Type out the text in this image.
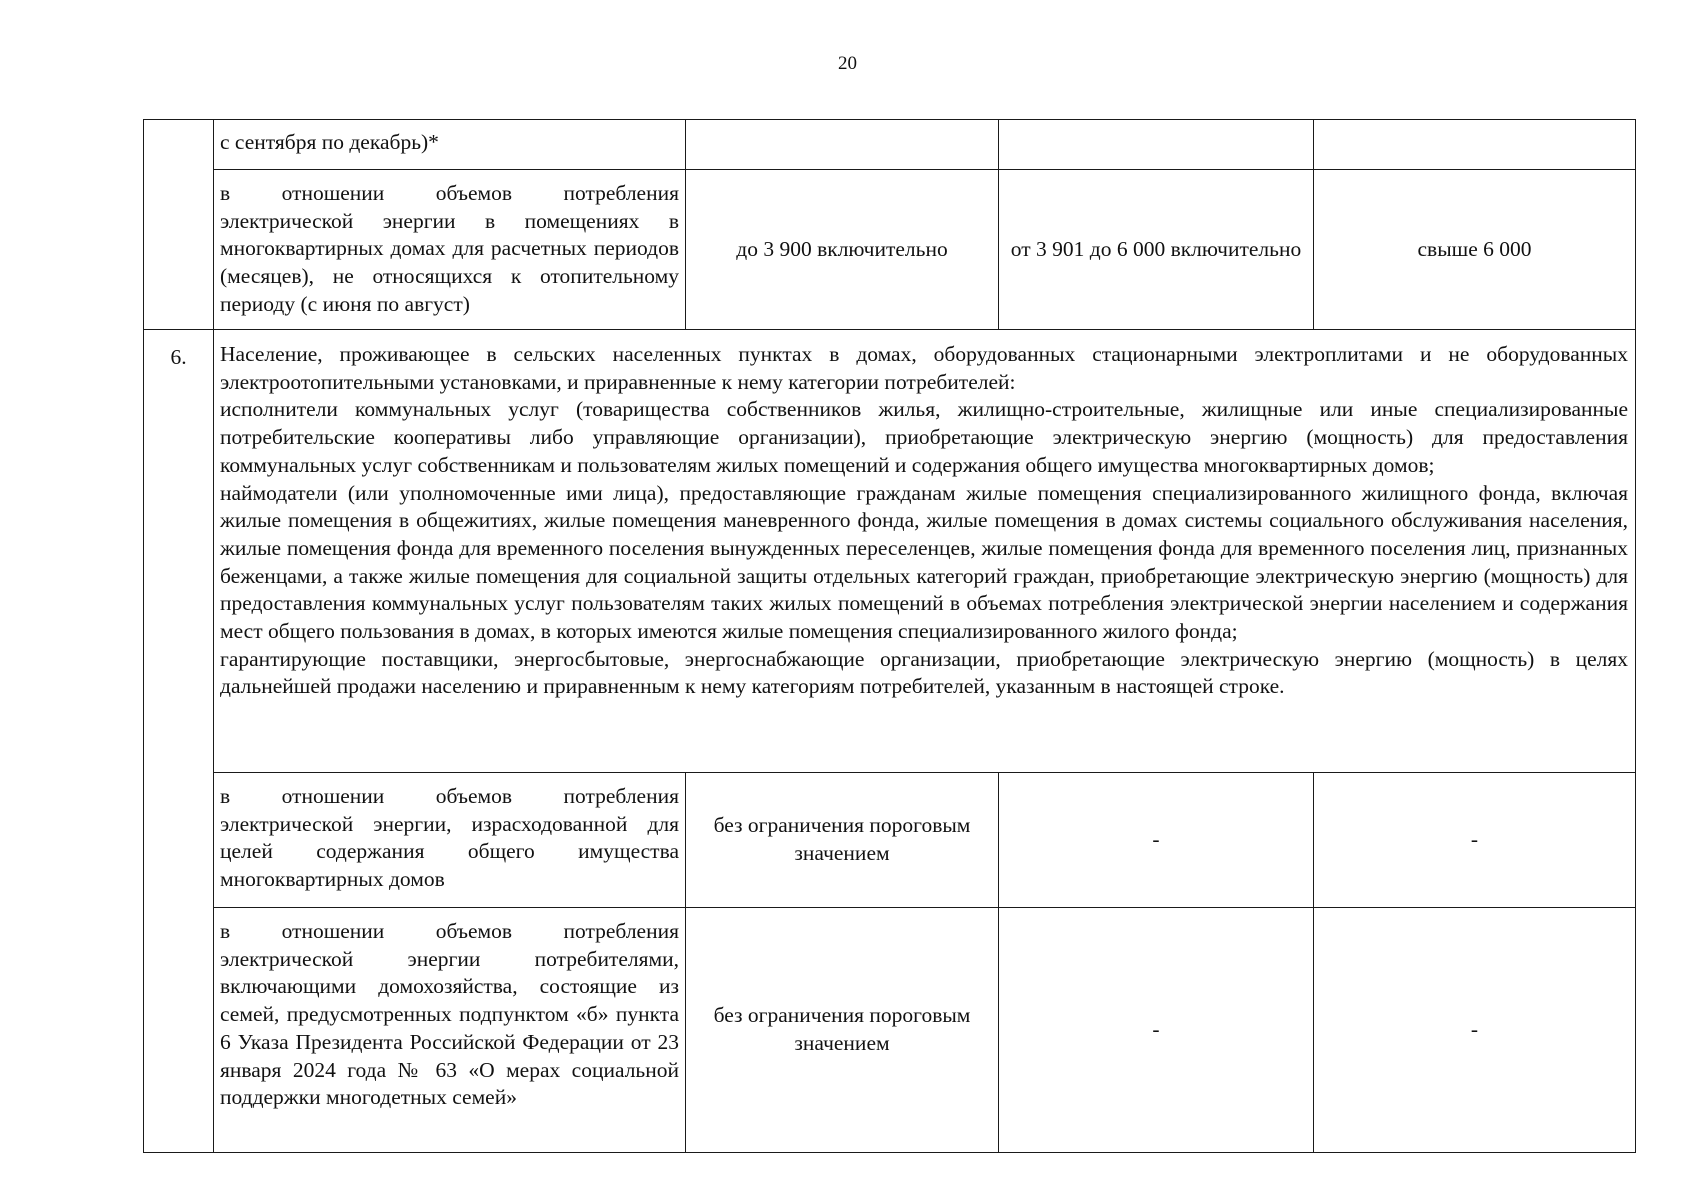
20
	с сентября по декабрь)*			
	в отношении объемов потребления электрической энергии в помещениях в многоквартирных домах для расчетных периодов (месяцев), не относящихся к отопительному периоду (с июня по август)	до 3 900 включительно	от 3 901 до 6 000 включительно	свыше 6 000
6.	Население, проживающее в сельских населенных пунктах в домах, оборудованных стационарными электроплитами и не оборудованных электроотопительными установками, и приравненные к нему категории потребителей:

исполнители коммунальных услуг (товарищества собственников жилья, жилищно-строительные, жилищные или иные специализированные потребительские кооперативы либо управляющие организации), приобретающие электрическую энергию (мощность) для предоставления коммунальных услуг собственникам и пользователям жилых помещений и содержания общего имущества многоквартирных домов;

наймодатели (или уполномоченные ими лица), предоставляющие гражданам жилые помещения специализированного жилищного фонда, включая жилые помещения в общежитиях, жилые помещения маневренного фонда, жилые помещения в домах системы социального обслуживания населения, жилые помещения фонда для временного поселения вынужденных переселенцев, жилые помещения фонда для временного поселения лиц, признанных беженцами, а также жилые помещения для социальной защиты отдельных категорий граждан, приобретающие электрическую энергию (мощность) для предоставления коммунальных услуг пользователям таких жилых помещений в объемах потребления электрической энергии населением и содержания мест общего пользования в домах, в которых имеются жилые помещения специализированного жилого фонда;

гарантирующие поставщики, энергосбытовые, энергоснабжающие организации, приобретающие электрическую энергию (мощность) в целях дальнейшей продажи населению и приравненным к нему категориям потребителей, указанным в настоящей строке.			

	в отношении объемов потребления электрической энергии, израсходованной для целей содержания общего имущества многоквартирных домов	без ограничения пороговым значением	-	-
	в отношении объемов потребления электрической энергии потребителями, включающими домохозяйства, состоящие из семей, предусмотренных подпунктом «б» пункта 6 Указа Президента Российской Федерации от 23 января 2024 года № 63 «О мерах социальной поддержки многодетных семей»	без ограничения пороговым значением	-	-
